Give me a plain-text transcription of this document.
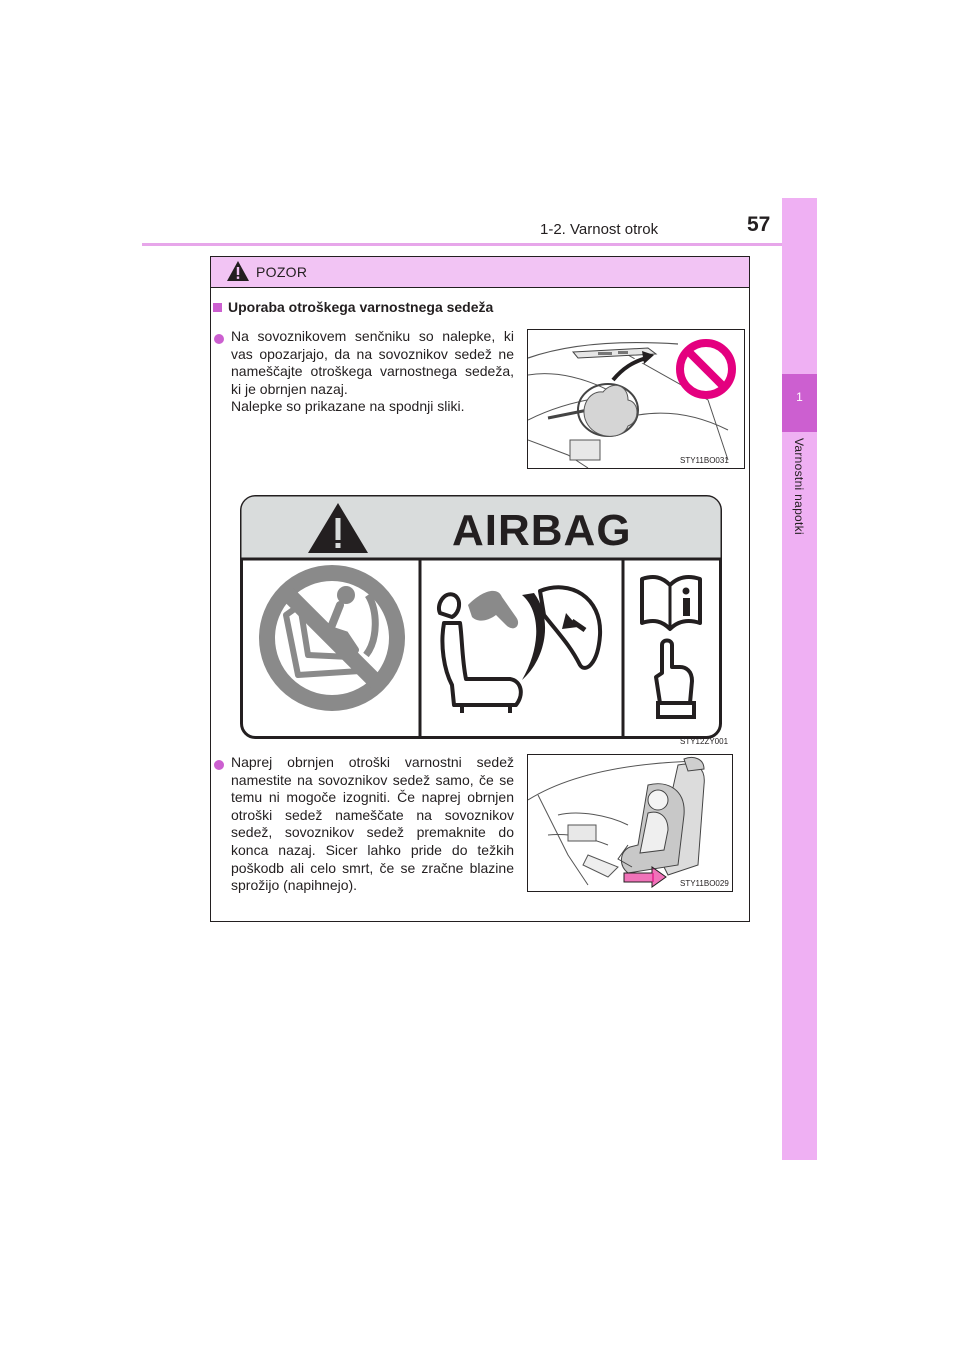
1-2. Varnost otrok	57
1
Varnostni napotki
POZOR
Uporaba otroškega varnostnega sedeža

Na sovoznikovem senčniku so nalepke, ki vas opozarjajo, da na sovoznikov sedež ne nameščajte otroškega varnostnega sedeža, ki je obrnjen nazaj.

Nalepke so prikazane na spodnji sliki.

STY11BO031
AIRBAG
STY12ZY001

Naprej obrnjen otroški varnostni sedež namestite na sovoznikov sedež samo, če se temu ni mogoče izogniti. Če naprej obrnjen otroški sedež nameščate na sovoznikov sedež, sovoznikov sedež premaknite do konca nazaj. Sicer lahko pride do težkih poškodb ali celo smrt, če se zračne blazine sprožijo (napihnejo).	STY11BO029
